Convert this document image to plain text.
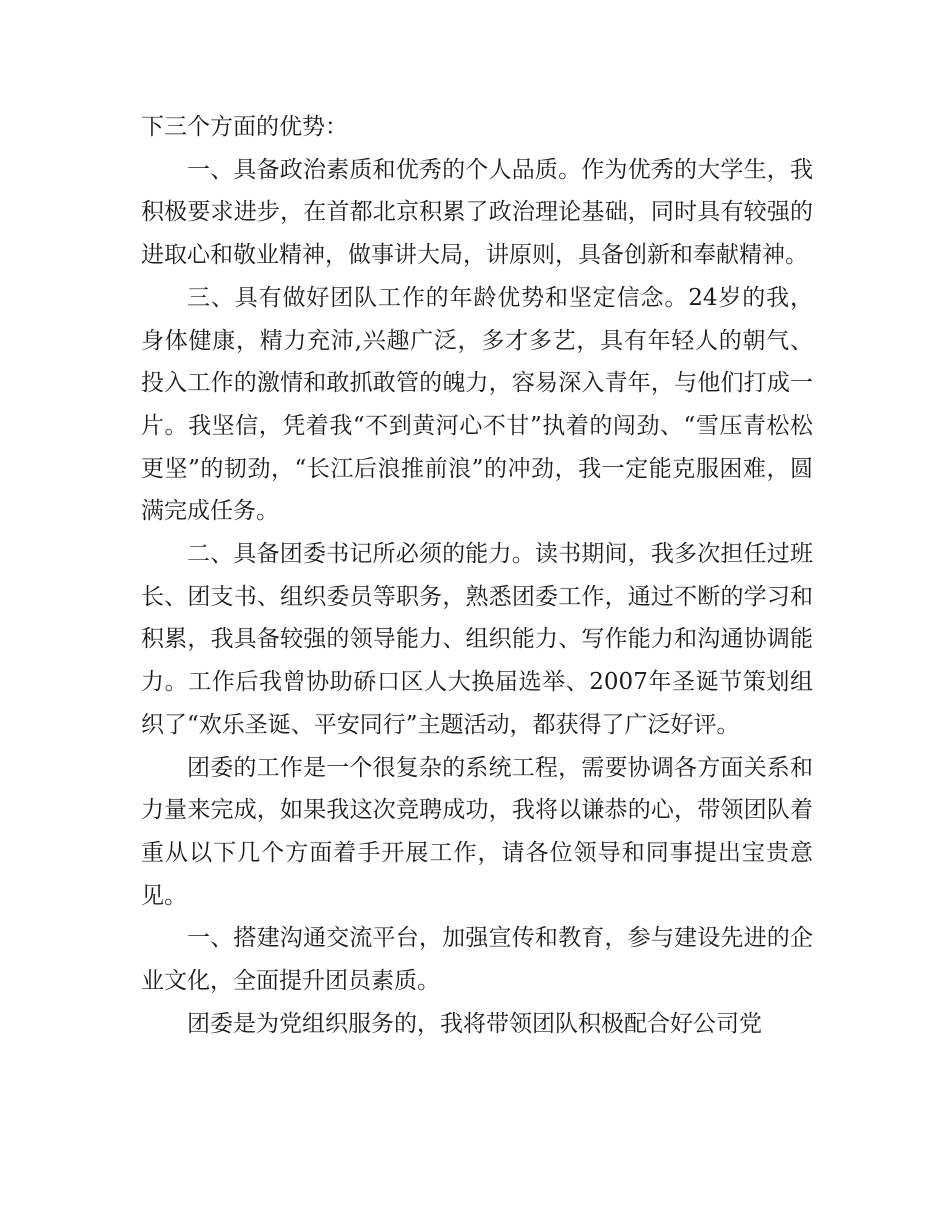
下三个方面的优势：

一、具备政治素质和优秀的个人品质。作为优秀的大学生，我积极要求进步，在首都北京积累了政治理论基础，同时具有较强的进取心和敬业精神，做事讲大局，讲原则，具备创新和奉献精神。

三、具有做好团队工作的年龄优势和坚定信念。24岁的我，身体健康，精力充沛,兴趣广泛，多才多艺，具有年轻人的朝气、投入工作的激情和敢抓敢管的魄力，容易深入青年，与他们打成一片。我坚信，凭着我“不到黄河心不甘”执着的闯劲、“雪压青松松更坚”的韧劲，“长江后浪推前浪”的冲劲，我一定能克服困难，圆满完成任务。

二、具备团委书记所必须的能力。读书期间，我多次担任过班长、团支书、组织委员等职务，熟悉团委工作，通过不断的学习和积累，我具备较强的领导能力、组织能力、写作能力和沟通协调能力。工作后我曾协助硚口区人大换届选举、2007年圣诞节策划组织了“欢乐圣诞、平安同行”主题活动，都获得了广泛好评。

团委的工作是一个很复杂的系统工程，需要协调各方面关系和力量来完成，如果我这次竞聘成功，我将以谦恭的心，带领团队着重从以下几个方面着手开展工作，请各位领导和同事提出宝贵意见。

一、搭建沟通交流平台，加强宣传和教育，参与建设先进的企业文化，全面提升团员素质。

团委是为党组织服务的，我将带领团队积极配合好公司党
